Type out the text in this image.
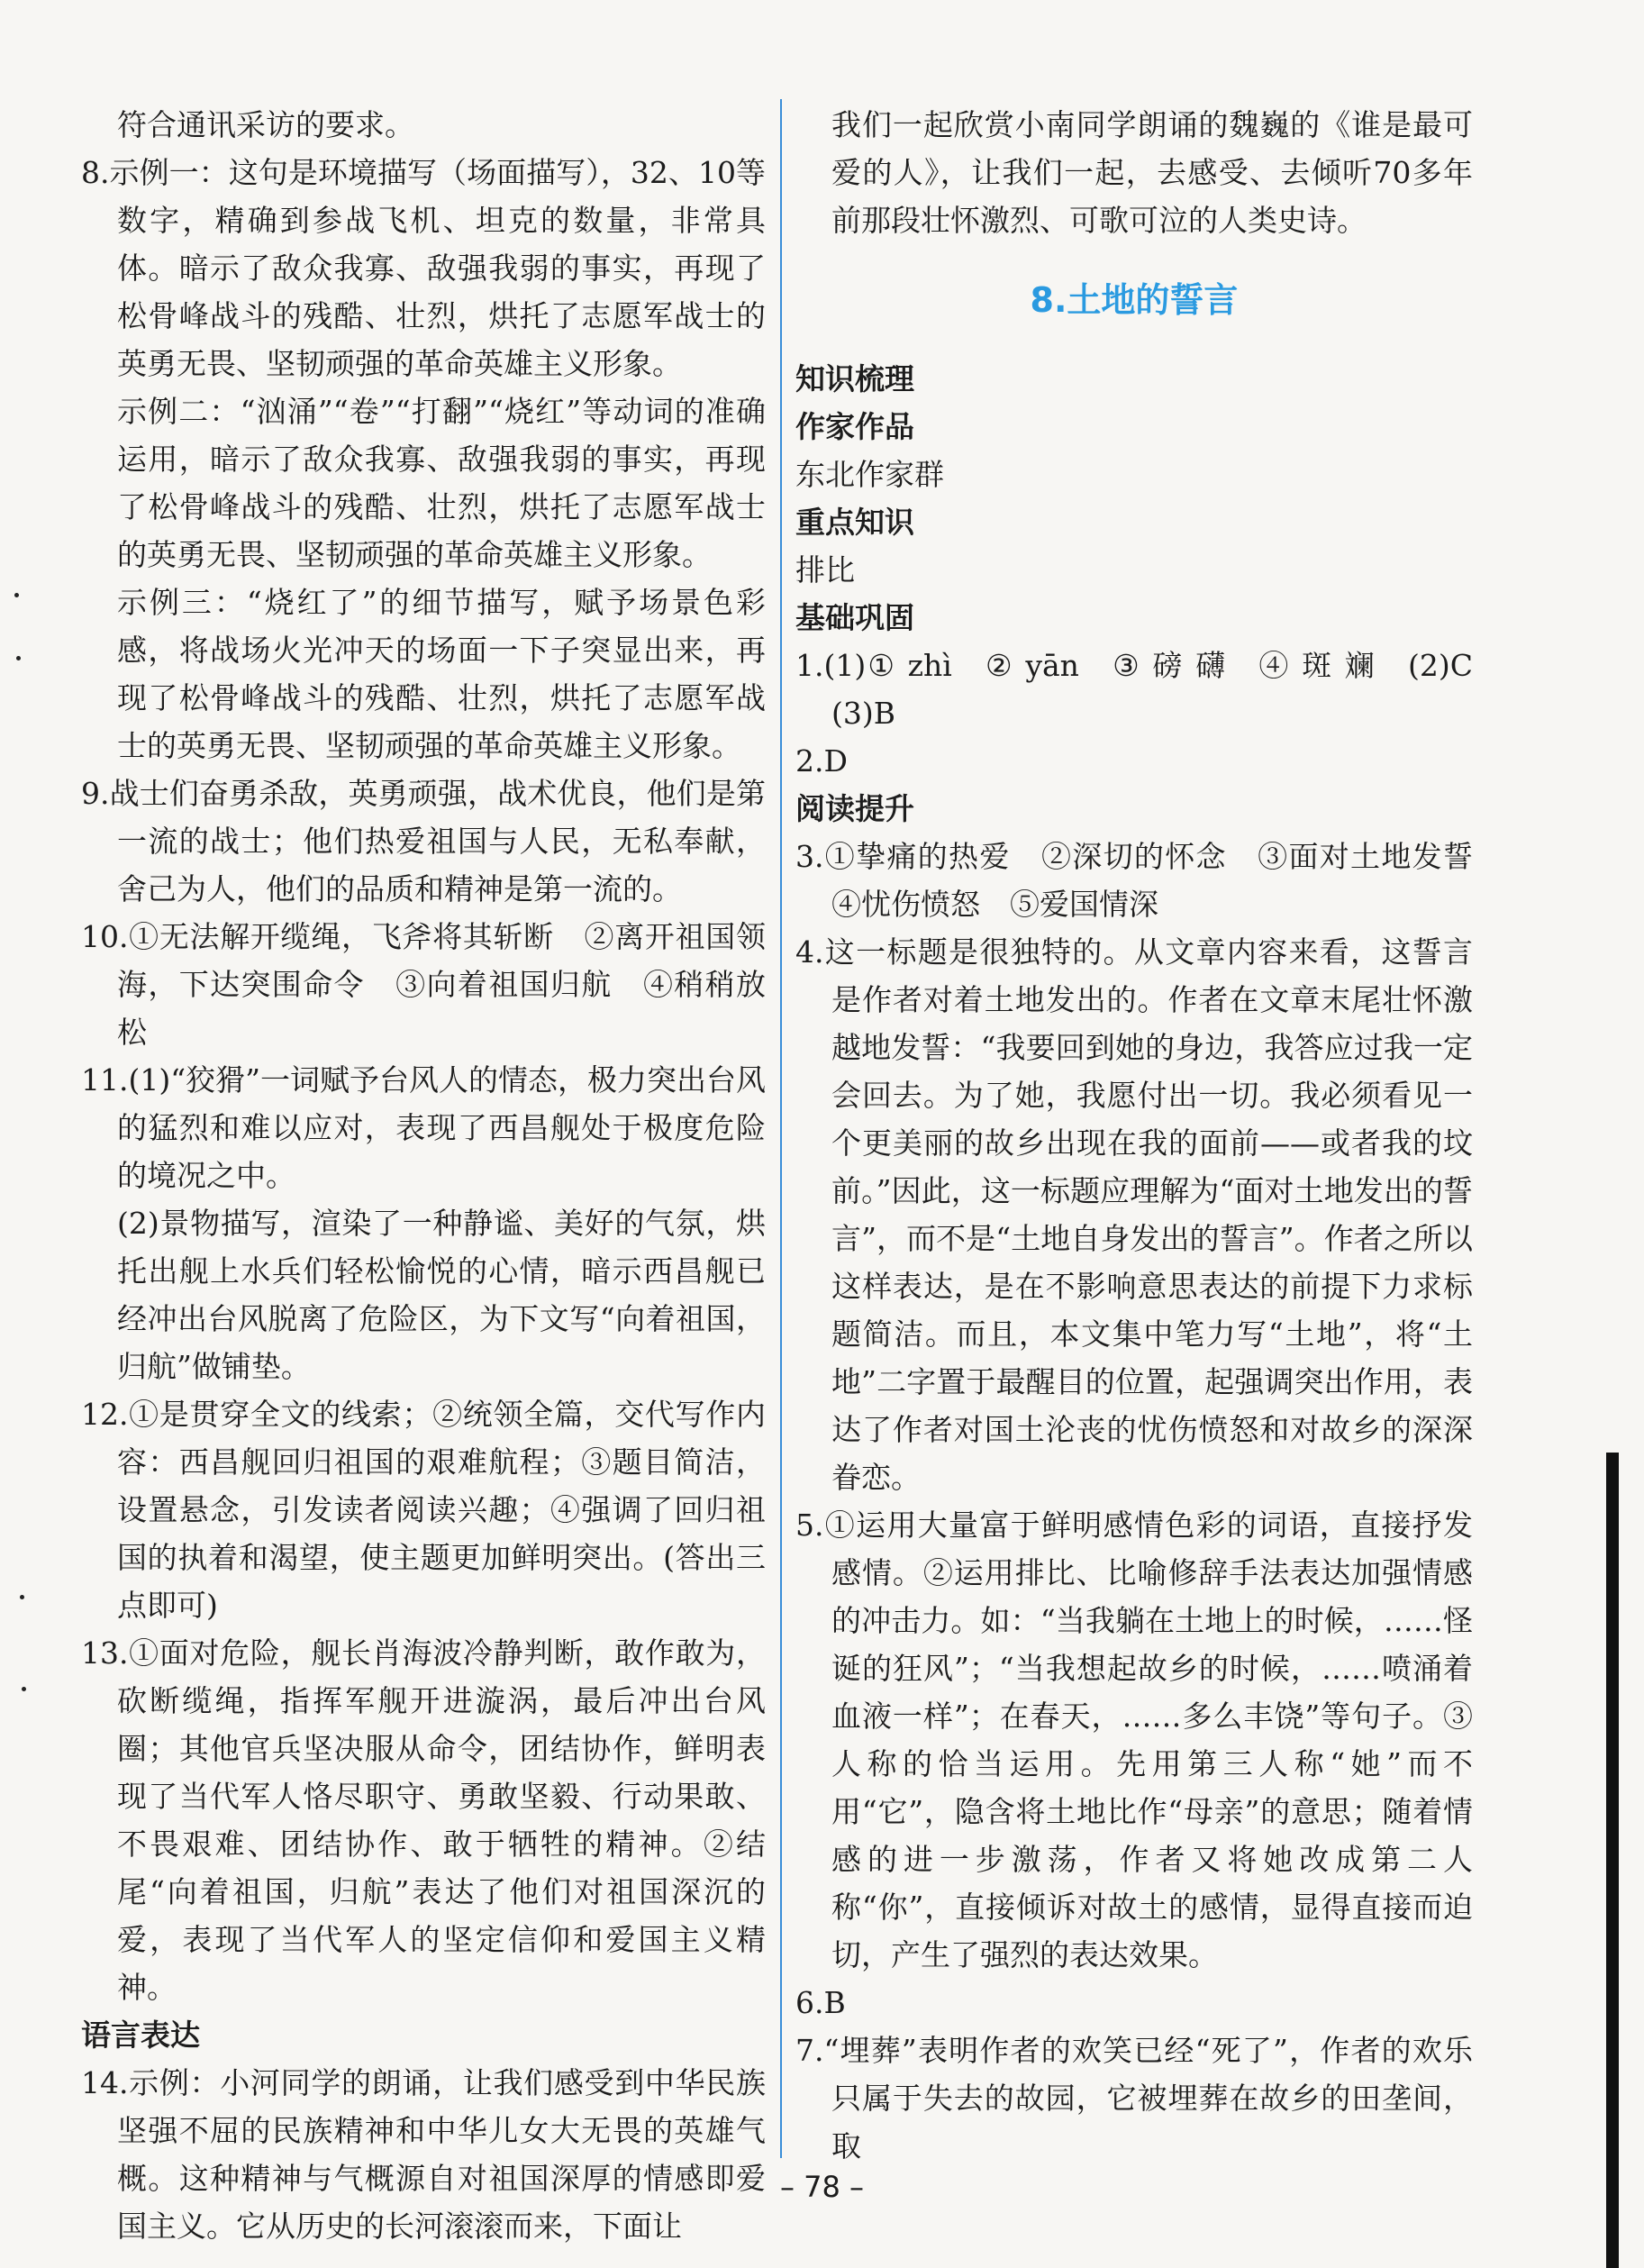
符合通讯采访的要求。

8.示例一：这句是环境描写（场面描写），32、10等数字，精确到参战飞机、坦克的数量，非常具体。暗示了敌众我寡、敌强我弱的事实，再现了松骨峰战斗的残酷、壮烈，烘托了志愿军战士的英勇无畏、坚韧顽强的革命英雄主义形象。

示例二：“汹涌”“卷”“打翻”“烧红”等动词的准确运用，暗示了敌众我寡、敌强我弱的事实，再现了松骨峰战斗的残酷、壮烈，烘托了志愿军战士的英勇无畏、坚韧顽强的革命英雄主义形象。

示例三：“烧红了”的细节描写，赋予场景色彩感，将战场火光冲天的场面一下子突显出来，再现了松骨峰战斗的残酷、壮烈，烘托了志愿军战士的英勇无畏、坚韧顽强的革命英雄主义形象。

9.战士们奋勇杀敌，英勇顽强，战术优良，他们是第一流的战士；他们热爱祖国与人民，无私奉献，舍己为人，他们的品质和精神是第一流的。

10.①无法解开缆绳，飞斧将其斩断　②离开祖国领海，下达突围命令　③向着祖国归航　④稍稍放松

11.(1)“狡猾”一词赋予台风人的情态，极力突出台风的猛烈和难以应对，表现了西昌舰处于极度危险的境况之中。

(2)景物描写，渲染了一种静谧、美好的气氛，烘托出舰上水兵们轻松愉悦的心情，暗示西昌舰已经冲出台风脱离了危险区，为下文写“向着祖国，归航”做铺垫。

12.①是贯穿全文的线索；②统领全篇，交代写作内容：西昌舰回归祖国的艰难航程；③题目简洁，设置悬念，引发读者阅读兴趣；④强调了回归祖国的执着和渴望，使主题更加鲜明突出。(答出三点即可)

13.①面对危险，舰长肖海波冷静判断，敢作敢为，砍断缆绳，指挥军舰开进漩涡，最后冲出台风圈；其他官兵坚决服从命令，团结协作，鲜明表现了当代军人恪尽职守、勇敢坚毅、行动果敢、不畏艰难、团结协作、敢于牺牲的精神。②结尾“向着祖国，归航”表达了他们对祖国深沉的爱，表现了当代军人的坚定信仰和爱国主义精神。

语言表达

14.示例：小河同学的朗诵，让我们感受到中华民族坚强不屈的民族精神和中华儿女大无畏的英雄气概。这种精神与气概源自对祖国深厚的情感即爱国主义。它从历史的长河滚滚而来，下面让

我们一起欣赏小南同学朗诵的魏巍的《谁是最可爱的人》，让我们一起，去感受、去倾听70多年前那段壮怀激烈、可歌可泣的人类史诗。

8.土地的誓言

知识梳理

作家作品

东北作家群

重点知识

排比

基础巩固

1.(1)① zhì　② yān　③ 磅 礴　④ 斑 斓　(2)C (3)B

2.D

阅读提升

3.①挚痛的热爱　②深切的怀念　③面对土地发誓　④忧伤愤怒　⑤爱国情深

4.这一标题是很独特的。从文章内容来看，这誓言是作者对着土地发出的。作者在文章末尾壮怀激越地发誓：“我要回到她的身边，我答应过我一定会回去。为了她，我愿付出一切。我必须看见一个更美丽的故乡出现在我的面前——或者我的坟前。”因此，这一标题应理解为“面对土地发出的誓言”，而不是“土地自身发出的誓言”。作者之所以这样表达，是在不影响意思表达的前提下力求标题简洁。而且，本文集中笔力写“土地”，将“土地”二字置于最醒目的位置，起强调突出作用，表达了作者对国土沦丧的忧伤愤怒和对故乡的深深眷恋。

5.①运用大量富于鲜明感情色彩的词语，直接抒发感情。②运用排比、比喻修辞手法表达加强情感的冲击力。如：“当我躺在土地上的时候，……怪诞的狂风”；“当我想起故乡的时候，……喷涌着血液一样”；在春天，……多么丰饶”等句子。③人称的恰当运用。先用第三人称“她”而不用“它”，隐含将土地比作“母亲”的意思；随着情感的进一步激荡，作者又将她改成第二人称“你”，直接倾诉对故土的感情，显得直接而迫切，产生了强烈的表达效果。

6.B

7.“埋葬”表明作者的欢笑已经“死了”，作者的欢乐只属于失去的故园，它被埋葬在故乡的田垄间，取

– 78 –
